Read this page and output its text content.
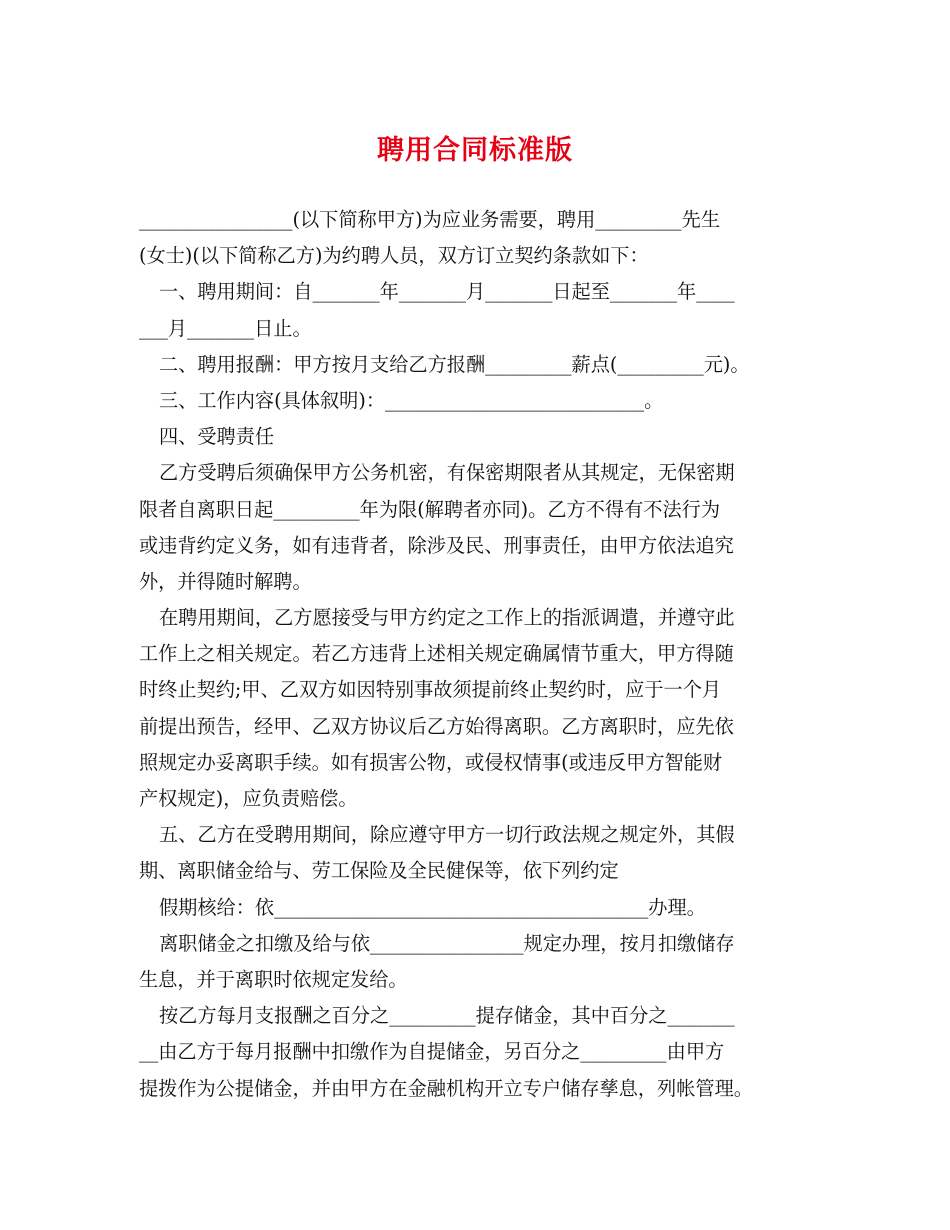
聘用合同标准版
________________(以下简称甲方)为应业务需要，聘用_________先生
(女士)(以下简称乙方)为约聘人员，双方订立契约条款如下：
一、聘用期间：自_______年_______月_______日起至_______年____
___月_______日止。
二、聘用报酬：甲方按月支给乙方报酬_________薪点(_________元)。
三、工作内容(具体叙明)：___________________________。
四、受聘责任
乙方受聘后须确保甲方公务机密，有保密期限者从其规定，无保密期
限者自离职日起_________年为限(解聘者亦同)。乙方不得有不法行为
或违背约定义务，如有违背者，除涉及民、刑事责任，由甲方依法追究
外，并得随时解聘。
在聘用期间，乙方愿接受与甲方约定之工作上的指派调遣，并遵守此
工作上之相关规定。若乙方违背上述相关规定确属情节重大，甲方得随
时终止契约;甲、乙双方如因特别事故须提前终止契约时，应于一个月
前提出预告，经甲、乙双方协议后乙方始得离职。乙方离职时，应先依
照规定办妥离职手续。如有损害公物，或侵权情事(或违反甲方智能财
产权规定)，应负责赔偿。
五、乙方在受聘用期间，除应遵守甲方一切行政法规之规定外，其假
期、离职储金给与、劳工保险及全民健保等，依下列约定
假期核给：依_______________________________________办理。
离职储金之扣缴及给与依________________规定办理，按月扣缴储存
生息，并于离职时依规定发给。
按乙方每月支报酬之百分之_________提存储金，其中百分之_______
__由乙方于每月报酬中扣缴作为自提储金，另百分之_________由甲方
提拨作为公提储金，并由甲方在金融机构开立专户储存孳息，列帐管理。
